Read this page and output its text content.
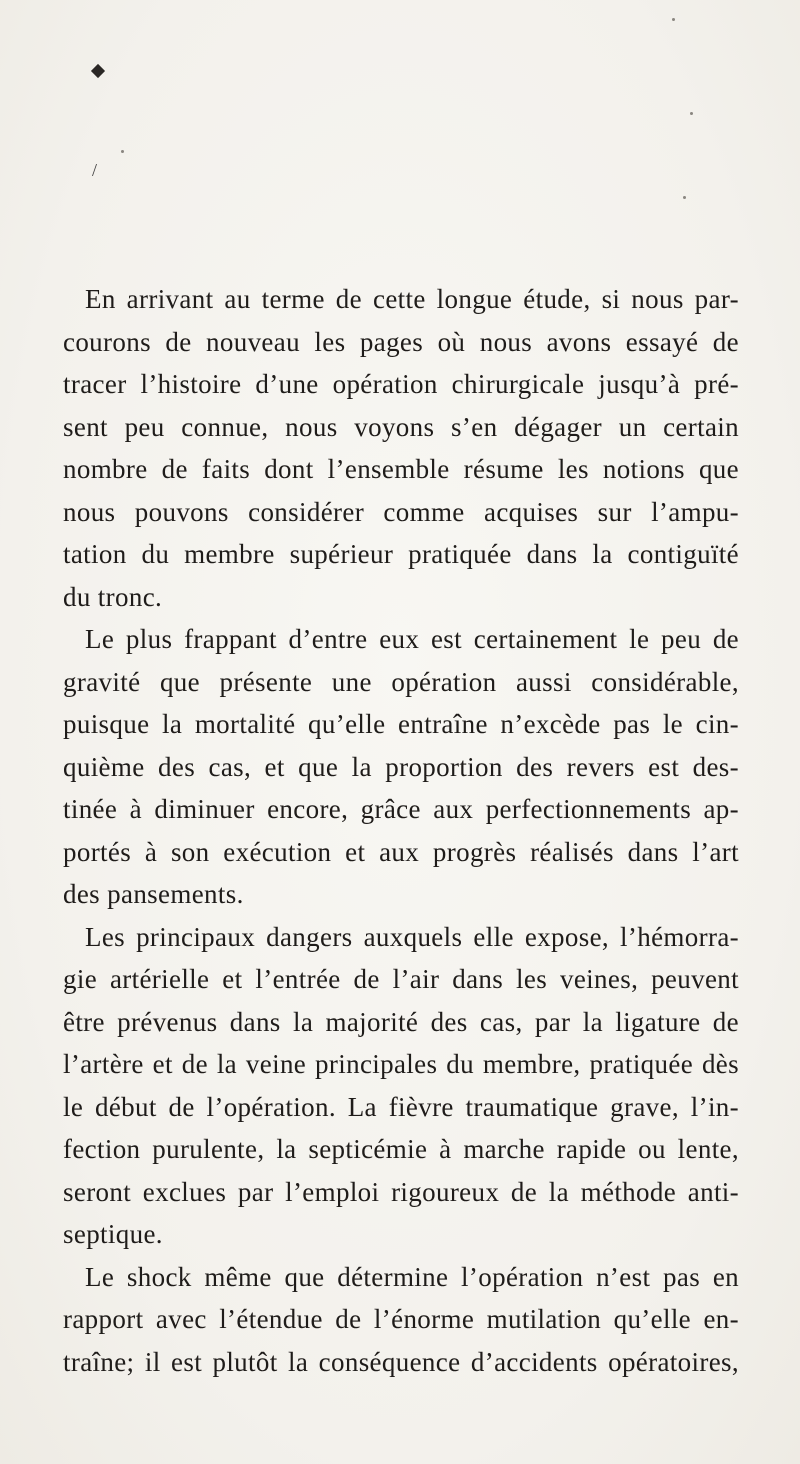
/
En arrivant au terme de cette longue étude, si nous par-
courons de nouveau les pages où nous avons essayé de
tracer l’histoire d’une opération chirurgicale jusqu’à pré-
sent peu connue, nous voyons s’en dégager un certain
nombre de faits dont l’ensemble résume les notions que
nous pouvons considérer comme acquises sur l’ampu-
tation du membre supérieur pratiquée dans la contiguïté
du tronc.
Le plus frappant d’entre eux est certainement le peu de
gravité que présente une opération aussi considérable,
puisque la mortalité qu’elle entraîne n’excède pas le cin-
quième des cas, et que la proportion des revers est des-
tinée à diminuer encore, grâce aux perfectionnements ap-
portés à son exécution et aux progrès réalisés dans l’art
des pansements.
Les principaux dangers auxquels elle expose, l’hémorra-
gie artérielle et l’entrée de l’air dans les veines, peuvent
être prévenus dans la majorité des cas, par la ligature de
l’artère et de la veine principales du membre, pratiquée dès
le début de l’opération. La fièvre traumatique grave, l’in-
fection purulente, la septicémie à marche rapide ou lente,
seront exclues par l’emploi rigoureux de la méthode anti-
septique.
Le shock même que détermine l’opération n’est pas en
rapport avec l’étendue de l’énorme mutilation qu’elle en-
traîne; il est plutôt la conséquence d’accidents opératoires,
